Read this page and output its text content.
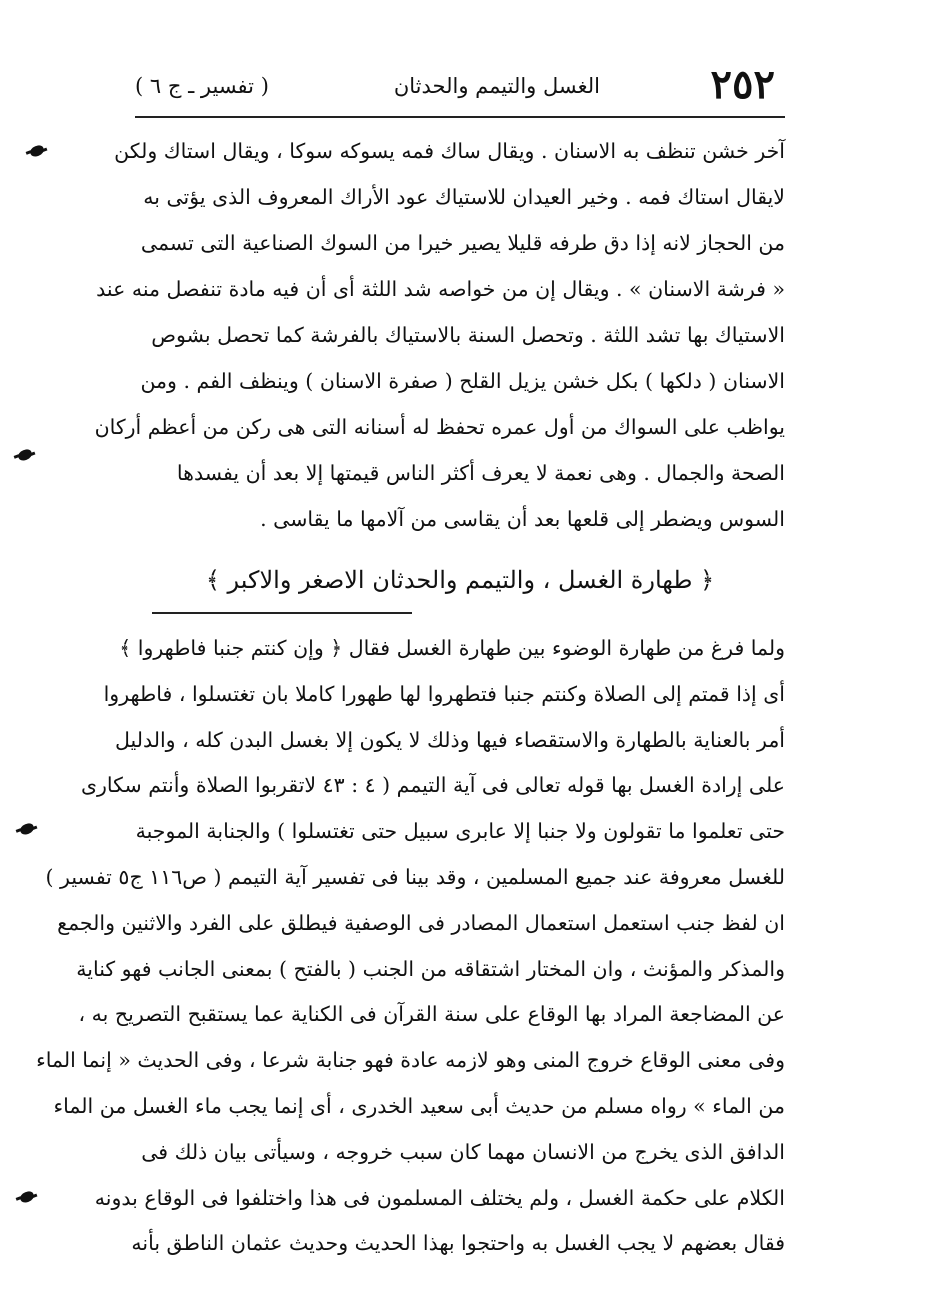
٢٥٢
الغسل والتيمم والحدثان
( تفسير ـ ج ٦ )
آخر خشن تنظف به الاسنان . ويقال ساك فمه يسوكه سوكا ، ويقال استاك ولكن
لايقال استاك فمه . وخير العيدان للاستياك عود الأراك المعروف الذى يؤتى به
من الحجاز لانه إذا دق طرفه قليلا يصير خيرا من السوك الصناعية التى تسمى
« فرشة الاسنان » . ويقال إن من خواصه شد اللثة أى أن فيه مادة تنفصل منه عند
الاستياك بها تشد اللثة . وتحصل السنة بالاستياك بالفرشة كما تحصل بشوص
الاسنان ( دلكها ) بكل خشن يزيل القلح ( صفرة الاسنان ) وينظف الفم . ومن
يواظب على السواك من أول عمره تحفظ له أسنانه التى هى ركن من أعظم أركان
الصحة والجمال . وهى نعمة لا يعرف أكثر الناس قيمتها إلا بعد أن يفسدها
السوس ويضطر إلى قلعها بعد أن يقاسى من آلامها ما يقاسى .
﴿ طهارة الغسل ، والتيمم والحدثان الاصغر والاكبر ﴾
ولما فرغ من طهارة الوضوء بين طهارة الغسل فقال ﴿ وإن كنتم جنبا فاطهروا ﴾
أى إذا قمتم إلى الصلاة وكنتم جنبا فتطهروا لها طهورا كاملا بان تغتسلوا ، فاطهروا
أمر بالعناية بالطهارة والاستقصاء فيها وذلك لا يكون إلا بغسل البدن كله ، والدليل
على إرادة الغسل بها قوله تعالى فى آية التيمم ( ٤ : ٤٣ لاتقربوا الصلاة وأنتم سكارى
حتى تعلموا ما تقولون ولا جنبا إلا عابرى سبيل حتى تغتسلوا ) والجنابة الموجبة
للغسل معروفة عند جميع المسلمين ، وقد بينا فى تفسير آية التيمم ( ص١١٦ ج٥ تفسير )
ان لفظ جنب استعمل استعمال المصادر فى الوصفية فيطلق على الفرد والاثنين والجمع
والمذكر والمؤنث ، وان المختار اشتقاقه من الجنب ( بالفتح ) بمعنى الجانب فهو كناية
عن المضاجعة المراد بها الوقاع على سنة القرآن فى الكناية عما يستقبح التصريح به ،
وفى معنى الوقاع خروج المنى وهو لازمه عادة فهو جنابة شرعا ، وفى الحديث « إنما الماء
من الماء » رواه مسلم من حديث أبى سعيد الخدرى ، أى إنما يجب ماء الغسل من الماء
الدافق الذى يخرج من الانسان مهما كان سبب خروجه ، وسيأتى بيان ذلك فى
الكلام على حكمة الغسل ، ولم يختلف المسلمون فى هذا واختلفوا فى الوقاع بدونه
فقال بعضهم لا يجب الغسل به واحتجوا بهذا الحديث وحديث عثمان الناطق بأنه
